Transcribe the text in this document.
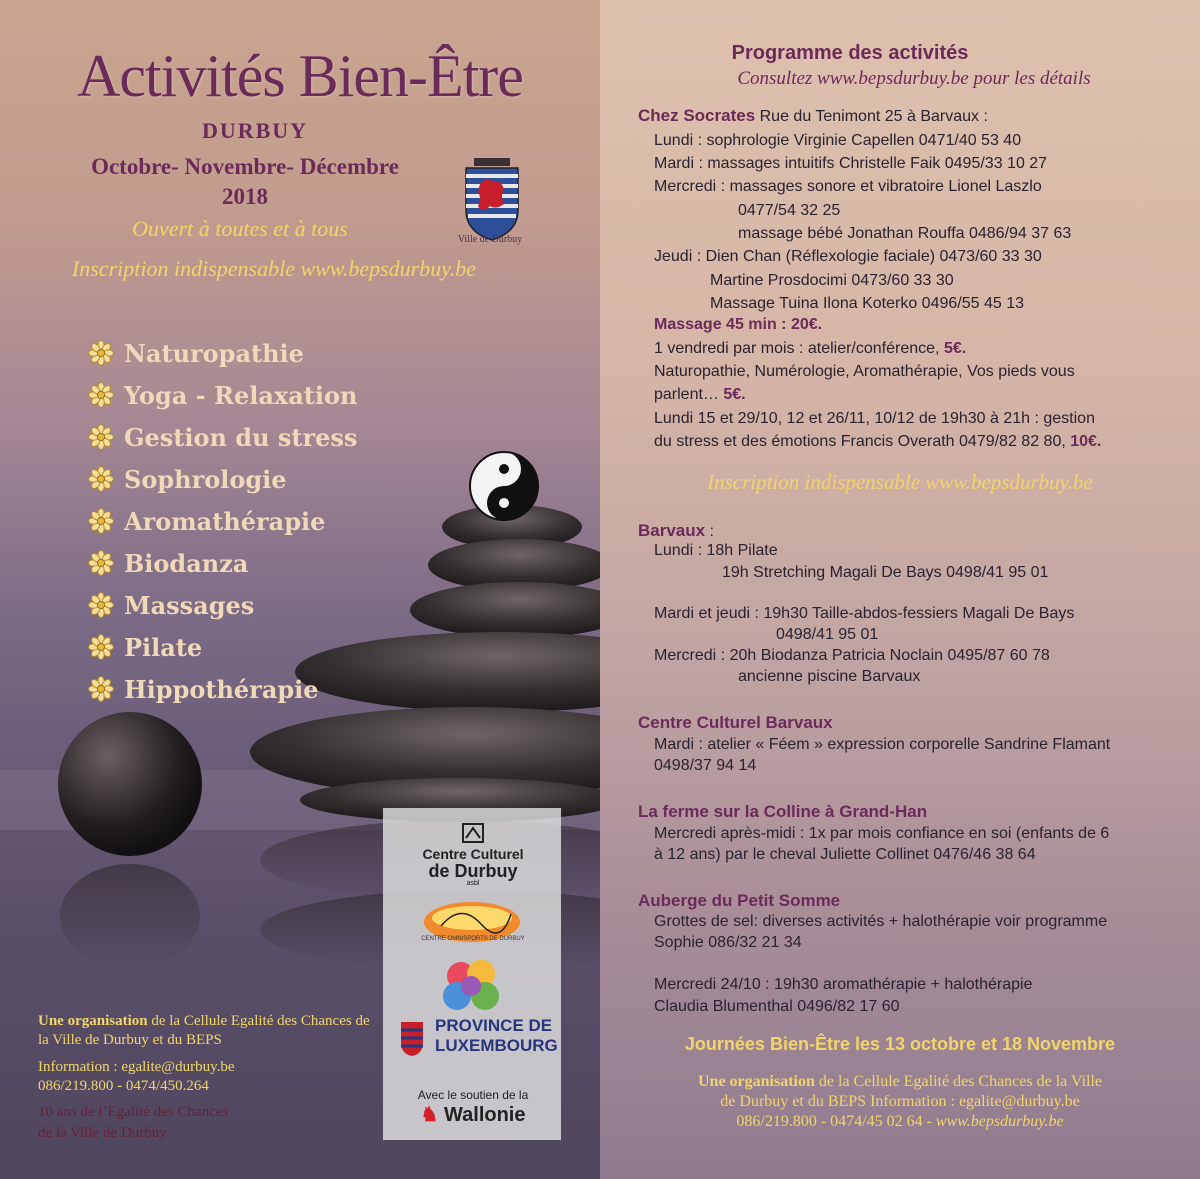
Activités Bien-Être
DURBUY
Octobre- Novembre- Décembre
2018
Ouvert à toutes et à tous
Inscription indispensable www.bepsdurbuy.be
Ville de Durbuy
Naturopathie
Yoga - Relaxation
Gestion du stress
Sophrologie
Aromathérapie
Biodanza
Massages
Pilate
Hippothérapie
Centre Culturel
de Durbuy
asbl
CENTRE OMNISPORTS DE DURBUY
PROVINCE DE
LUXEMBOURG
Avec le soutien de la
♞ Wallonie
Une organisation de la Cellule Egalité des Chances de la Ville de Durbuy et du BEPS
Information : egalite@durbuy.be
086/219.800 - 0474/450.264
10 ans de l’Egalité des Chances
de la Ville de Durbuy
Programme des activités
Consultez www.bepsdurbuy.be pour les détails
Chez Socrates Rue du Tenimont 25 à Barvaux :
Lundi : sophrologie Virginie Capellen 0471/40 53 40
Mardi : massages intuitifs Christelle Faik 0495/33 10 27
Mercredi : massages sonore et vibratoire Lionel Laszlo
0477/54 32 25
massage bébé Jonathan Rouffa 0486/94 37 63
Jeudi : Dien Chan (Réflexologie faciale) 0473/60 33 30
Martine Prosdocimi 0473/60 33 30
Massage Tuina Ilona Koterko 0496/55 45 13
Massage 45 min : 20€.
1 vendredi par mois : atelier/conférence, 5€.
Naturopathie, Numérologie, Aromathérapie, Vos pieds vous
parlent… 5€.
Lundi 15 et 29/10, 12 et 26/11, 10/12 de 19h30 à 21h : gestion
du stress et des émotions Francis Overath 0479/82 82 80, 10€.
Inscription indispensable www.bepsdurbuy.be
Barvaux :
Lundi : 18h Pilate
19h Stretching Magali De Bays 0498/41 95 01
Mardi et jeudi : 19h30 Taille-abdos-fessiers Magali De Bays
0498/41 95 01
Mercredi : 20h Biodanza Patricia Noclain 0495/87 60 78
ancienne piscine Barvaux
Centre Culturel Barvaux
Mardi : atelier « Féem » expression corporelle Sandrine Flamant
0498/37 94 14
La ferme sur la Colline à Grand-Han
Mercredi après-midi : 1x par mois confiance en soi (enfants de 6
à 12 ans) par le cheval Juliette Collinet 0476/46 38 64
Auberge du Petit Somme
Grottes de sel: diverses activités + halothérapie voir programme
Sophie 086/32 21 34
Mercredi 24/10 : 19h30 aromathérapie + halothérapie
Claudia Blumenthal 0496/82 17 60
Journées Bien-Être les 13 octobre et 18 Novembre
Une organisation de la Cellule Egalité des Chances de la Ville
de Durbuy et du BEPS Information : egalite@durbuy.be
086/219.800 - 0474/45 02 64 - www.bepsdurbuy.be
